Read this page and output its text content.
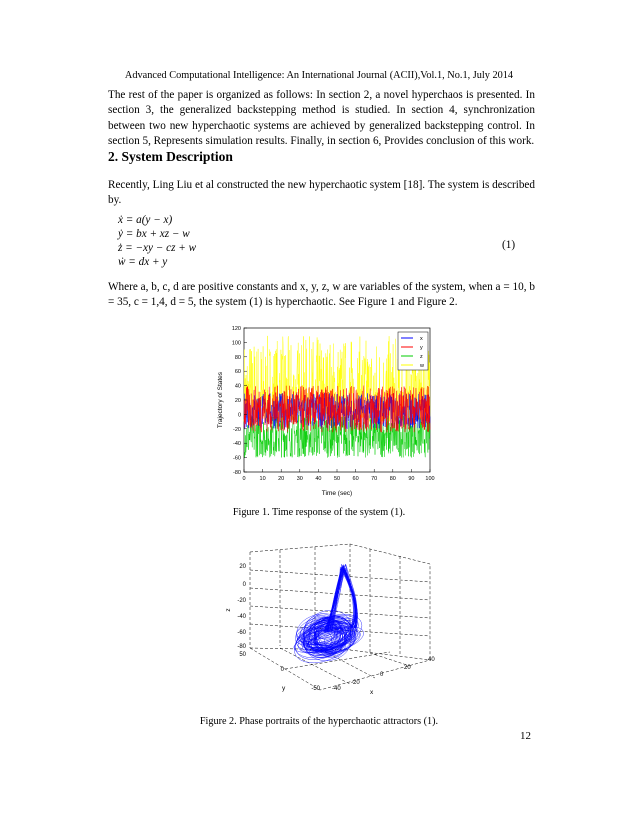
Advanced Computational Intelligence: An International Journal (ACII),Vol.1, No.1, July 2014
The rest of the paper is organized as follows: In section 2, a novel hyperchaos is presented. In section 3, the generalized backstepping method is studied. In section 4, synchronization between two new hyperchaotic systems are achieved by generalized backstepping control. In section 5, Represents simulation results. Finally, in section 6, Provides conclusion of this work.
2. System Description
Recently, Ling Liu et al constructed the new hyperchaotic system [18]. The system is described by.
ẋ = a(y − x)
ẏ = bx + xz − w
ż = −xy − cz + w
ẇ = dx + y
(1)
Where a, b, c, d are positive constants and x, y, z, w are variables of the system, when a = 10, b = 35, c = 1,4, d = 5, the system (1) is hyperchaotic. See Figure 1 and Figure 2.
-80
-60
-40
-20
0
20
40
60
80
100
120
0	10 20 30 40 50 60 70 80 90 100
Trajectory of States
Time (sec)
x
y
z
w
Figure 1. Time response of the system (1).
20
0
-20
-40
-60
-80
50
0
-50 -40
-20
0
20
40
z
y
x
Figure 2. Phase portraits of the hyperchaotic attractors (1).
12
